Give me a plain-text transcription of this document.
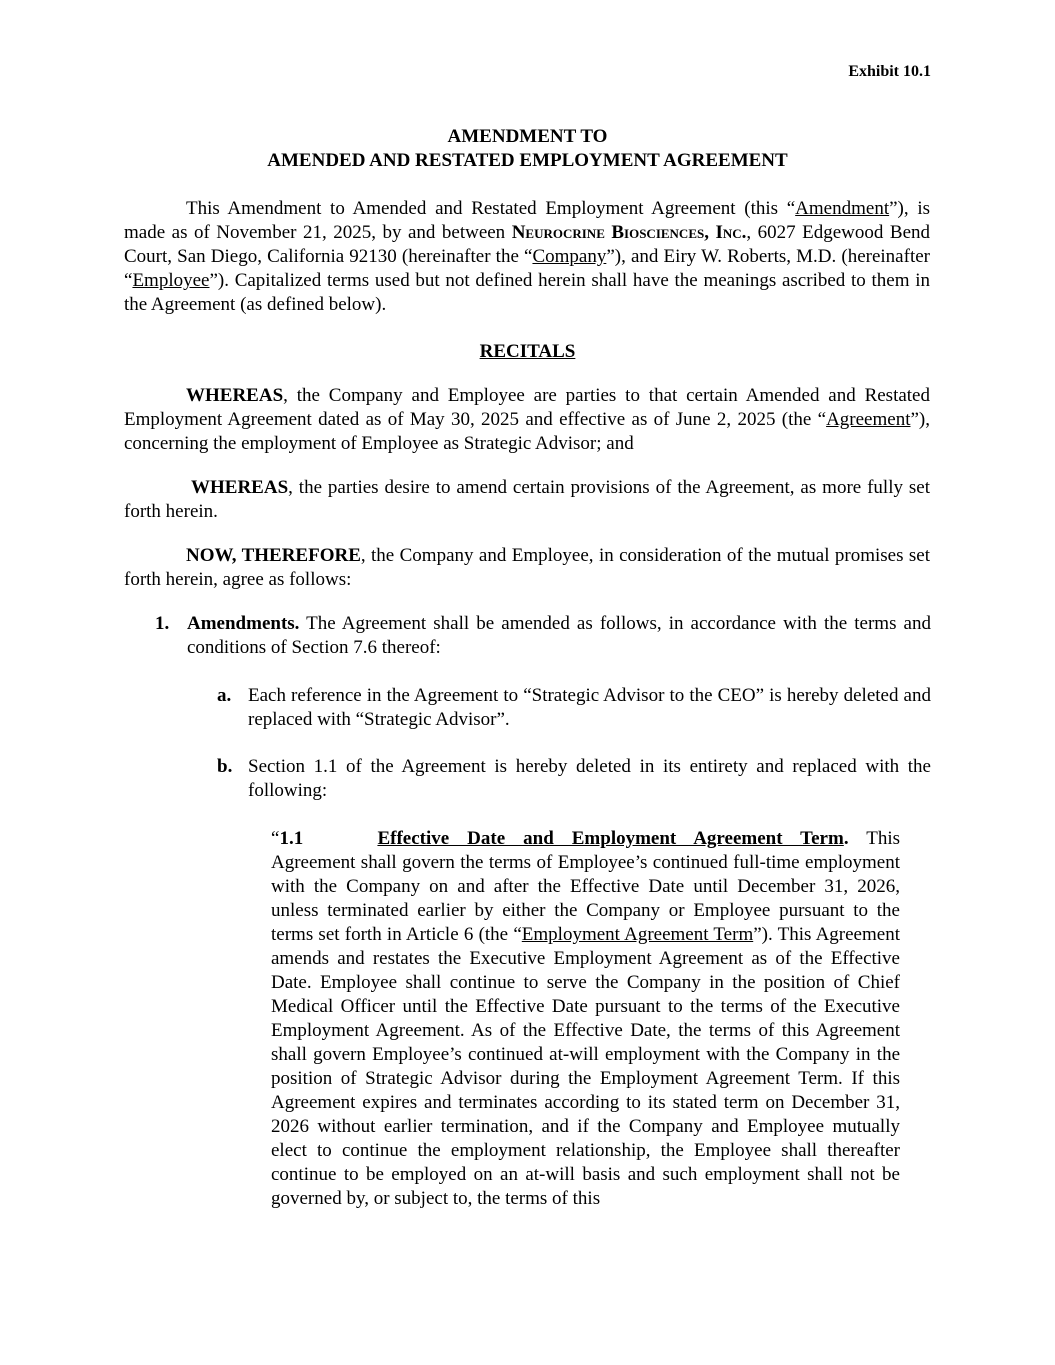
Exhibit 10.1
AMENDMENT TO
AMENDED AND RESTATED EMPLOYMENT AGREEMENT

This Amendment to Amended and Restated Employment Agreement (this “Amendment”), is made as of November 21, 2025, by and between Neurocrine Biosciences, Inc., 6027 Edgewood Bend Court, San Diego, California 92130 (hereinafter the “Company”), and Eiry W. Roberts, M.D. (hereinafter “Employee”). Capitalized terms used but not defined herein shall have the meanings ascribed to them in the Agreement (as defined below).

RECITALS

WHEREAS, the Company and Employee are parties to that certain Amended and Restated Employment Agreement dated as of May 30, 2025 and effective as of June 2, 2025 (the “Agreement”), concerning the employment of Employee as Strategic Advisor; and

WHEREAS, the parties desire to amend certain provisions of the Agreement, as more fully set forth herein.

NOW, THEREFORE, the Company and Employee, in consideration of the mutual promises set forth herein, agree as follows:

1. Amendments. The Agreement shall be amended as follows, in accordance with the terms and conditions of Section 7.6 thereof:
a. Each reference in the Agreement to “Strategic Advisor to the CEO” is hereby deleted and replaced with “Strategic Advisor”.
b. Section 1.1 of the Agreement is hereby deleted in its entirety and replaced with the following:

“1.1	Effective Date and Employment Agreement Term. This Agreement shall govern the terms of Employee’s continued full-time employment with the Company on and after the Effective Date until December 31, 2026, unless terminated earlier by either the Company or Employee pursuant to the terms set forth in Article 6 (the “Employment Agreement Term”). This Agreement amends and restates the Executive Employment Agreement as of the Effective Date. Employee shall continue to serve the Company in the position of Chief Medical Officer until the Effective Date pursuant to the terms of the Executive Employment Agreement. As of the Effective Date, the terms of this Agreement shall govern Employee’s continued at-will employment with the Company in the position of Strategic Advisor during the Employment Agreement Term. If this Agreement expires and terminates according to its stated term on December 31, 2026 without earlier termination, and if the Company and Employee mutually elect to continue the employment relationship, the Employee shall thereafter continue to be employed on an at-will basis and such employment shall not be governed by, or subject to, the terms of this
